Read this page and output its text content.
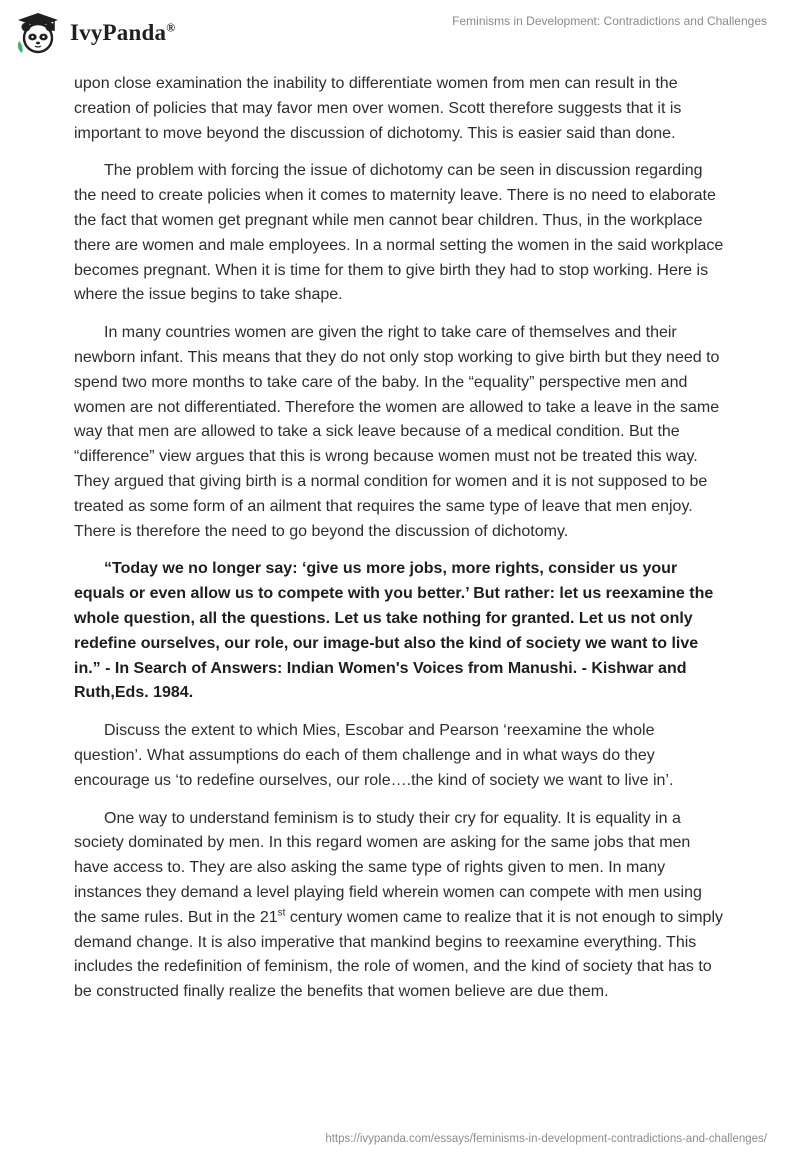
IvyPanda®	Feminisms in Development: Contradictions and Challenges

upon close examination the inability to differentiate women from men can result in the creation of policies that may favor men over women. Scott therefore suggests that it is important to move beyond the discussion of dichotomy. This is easier said than done.

The problem with forcing the issue of dichotomy can be seen in discussion regarding the need to create policies when it comes to maternity leave. There is no need to elaborate the fact that women get pregnant while men cannot bear children. Thus, in the workplace there are women and male employees. In a normal setting the women in the said workplace becomes pregnant. When it is time for them to give birth they had to stop working. Here is where the issue begins to take shape.

In many countries women are given the right to take care of themselves and their newborn infant. This means that they do not only stop working to give birth but they need to spend two more months to take care of the baby. In the “equality” perspective men and women are not differentiated. Therefore the women are allowed to take a leave in the same way that men are allowed to take a sick leave because of a medical condition. But the “difference” view argues that this is wrong because women must not be treated this way. They argued that giving birth is a normal condition for women and it is not supposed to be treated as some form of an ailment that requires the same type of leave that men enjoy. There is therefore the need to go beyond the discussion of dichotomy.

“Today we no longer say: ‘give us more jobs, more rights, consider us your equals or even allow us to compete with you better.’ But rather: let us reexamine the whole question, all the questions. Let us take nothing for granted. Let us not only redefine ourselves, our role, our image-but also the kind of society we want to live in.” - In Search of Answers: Indian Women's Voices from Manushi. - Kishwar and Ruth,Eds. 1984.

Discuss the extent to which Mies, Escobar and Pearson ‘reexamine the whole question’. What assumptions do each of them challenge and in what ways do they encourage us ‘to redefine ourselves, our role….the kind of society we want to live in’.

One way to understand feminism is to study their cry for equality. It is equality in a society dominated by men. In this regard women are asking for the same jobs that men have access to. They are also asking the same type of rights given to men. In many instances they demand a level playing field wherein women can compete with men using the same rules. But in the 21st century women came to realize that it is not enough to simply demand change. It is also imperative that mankind begins to reexamine everything. This includes the redefinition of feminism, the role of women, and the kind of society that has to be constructed finally realize the benefits that women believe are due them.

https://ivypanda.com/essays/feminisms-in-development-contradictions-and-challenges/
